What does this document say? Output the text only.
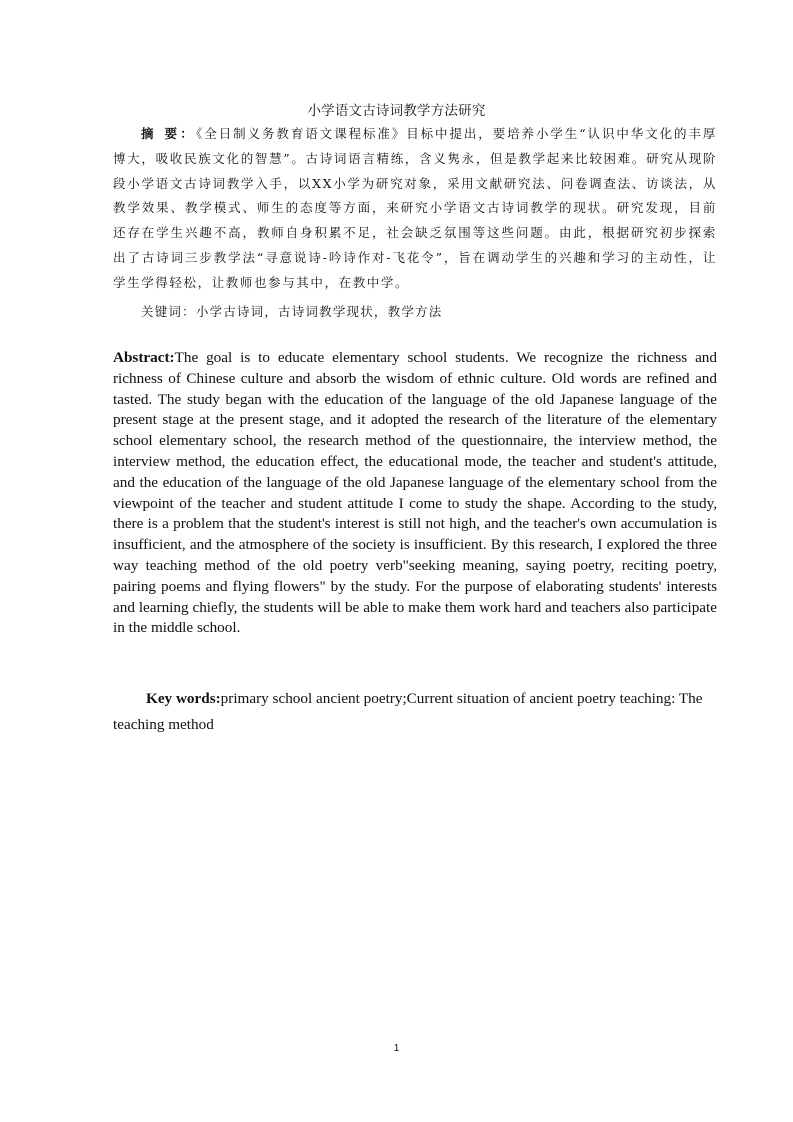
小学语文古诗词教学方法研究

摘 要：《全日制义务教育语文课程标准》目标中提出，要培养小学生“认识中华文化的丰厚博大，吸收民族文化的智慧”。古诗词语言精练，含义隽永，但是教学起来比较困难。研究从现阶段小学语文古诗词教学入手，以XX小学为研究对象，采用文献研究法、问卷调查法、访谈法，从教学效果、教学模式、师生的态度等方面，来研究小学语文古诗词教学的现状。研究发现，目前还存在学生兴趣不高，教师自身积累不足，社会缺乏氛围等这些问题。由此，根据研究初步探索出了古诗词三步教学法“寻意说诗-吟诗作对-飞花令”，旨在调动学生的兴趣和学习的主动性，让学生学得轻松，让教师也参与其中，在教中学。

关键词：小学古诗词，古诗词教学现状，教学方法

Abstract:The goal is to educate elementary school students. We recognize the richness and richness of Chinese culture and absorb the wisdom of ethnic culture. Old words are refined and tasted. The study began with the education of the language of the old Japanese language of the present stage at the present stage, and it adopted the research of the literature of the elementary school elementary school, the research method of the questionnaire, the interview method, the interview method, the education effect, the educational mode, the teacher and student's attitude, and the education of the language of the old Japanese language of the elementary school from the viewpoint of the teacher and student attitude I come to study the shape. According to the study, there is a problem that the student's interest is still not high, and the teacher's own accumulation is insufficient, and the atmosphere of the society is insufficient. By this research, I explored the three way teaching method of the old poetry verb"seeking meaning, saying poetry, reciting poetry, pairing poems and flying flowers" by the study. For the purpose of elaborating students' interests and learning chiefly, the students will be able to make them work hard and teachers also participate in the middle school.

Key words:primary school ancient poetry;Current situation of ancient poetry teaching: The teaching method

1
